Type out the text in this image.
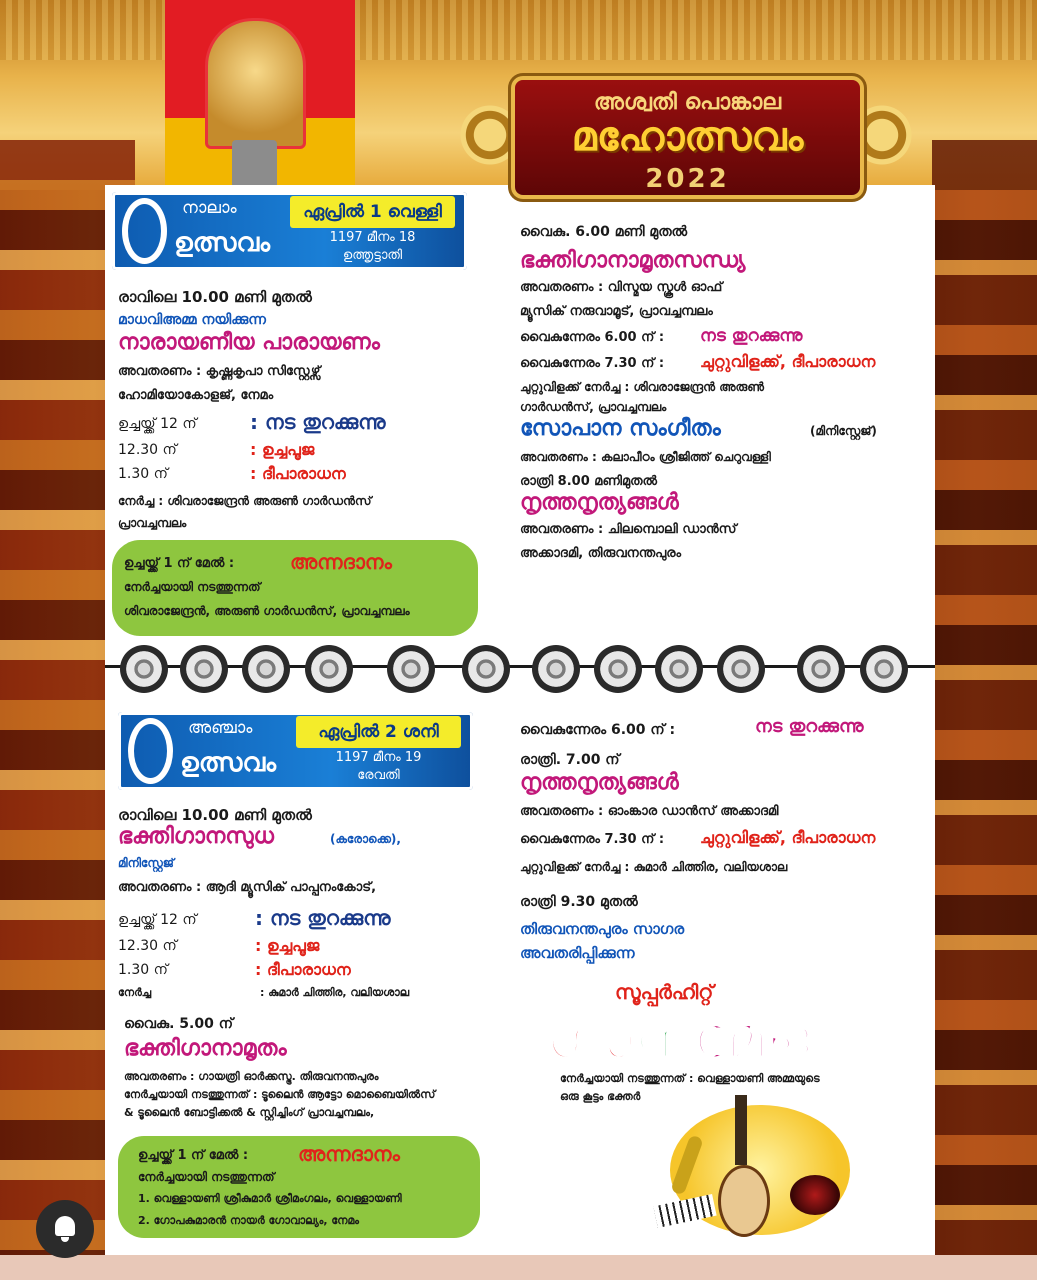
അശ്വതി പൊങ്കാല
മഹോത്സവം
2022
നാലാം
ഉത്സവം
ഏപ്രിൽ 1 വെള്ളി
1197 മീനം 18
ഉത്തൃട്ടാതി
രാവിലെ 10.00 മണി മുതൽ
മാധവിഅമ്മ നയിക്കുന്ന
നാരായണീയ പാരായണം
അവതരണം : കൃഷ്ണകൃപാ സിസ്റ്റേഴ്സ്
ഹോമിയോകോളജ്, നേമം
ഉച്ചയ്ക്ക് 12 ന്	: നട തുറക്കുന്നു
12.30 ന്	: ഉച്ചപൂജ
1.30 ന്	: ദീപാരാധന
നേർച്ച : ശിവരാജേന്ദ്രൻ അരുൺ ഗാർഡൻസ്
പ്രാവച്ചമ്പലം
ഉച്ചയ്ക്ക് 1 ന് മേൽ :	അന്നദാനം
നേർച്ചയായി നടത്തുന്നത്
ശിവരാജേന്ദ്രൻ, അരുൺ ഗാർഡൻസ്, പ്രാവച്ചമ്പലം
വൈകു. 6.00 മണി മുതൽ
ഭക്തിഗാനാമൃതസന്ധ്യ
അവതരണം : വിസ്മയ സ്കൂൾ ഓഫ്
മ്യൂസിക് നരുവാമൂട്, പ്രാവച്ചമ്പലം
വൈകുന്നേരം 6.00 ന് : നട തുറക്കുന്നു
വൈകുന്നേരം 7.30 ന് : ചുറ്റുവിളക്ക്, ദീപാരാധന
ചുറ്റുവിളക്ക് നേർച്ച : ശിവരാജേന്ദ്രൻ അരുൺ
ഗാർഡൻസ്, പ്രാവച്ചമ്പലം
സോപാന സംഗീതം	(മിനിസ്റ്റേജ്)
അവതരണം : കലാപീഠം ശ്രീജിത്ത് ചെറുവള്ളി
രാത്രി 8.00 മണിമുതൽ
നൃത്തനൃത്യങ്ങൾ
അവതരണം : ചിലമ്പൊലി ഡാൻസ്
അക്കാദമി, തിരുവനന്തപുരം
അഞ്ചാം
ഉത്സവം
ഏപ്രിൽ 2 ശനി
1197 മീനം 19
രേവതി
രാവിലെ 10.00 മണി മുതൽ
ഭക്തിഗാനസുധ	(കരോക്കെ),
മിനിസ്റ്റേജ്
അവതരണം : ആദി മ്യൂസിക് പാപ്പനംകോട്,
ഉച്ചയ്ക്ക് 12 ന്	: നട തുറക്കുന്നു
12.30 ന്	: ഉച്ചപൂജ
1.30 ന്	: ദീപാരാധന
നേർച്ച	: കുമാർ ചിത്തിര, വലിയശാല
വൈകു. 5.00 ന്
ഭക്തിഗാനാമൃതം
അവതരണം : ഗായത്രി ഓർക്കസ്ട്ര. തിരുവനന്തപുരം
നേർച്ചയായി നടത്തുന്നത് : ടൂലൈൻ ആട്ടോ മൊബൈയിൽസ്
& ടൂലൈൻ ബോട്ടിക്കൽ & സ്റ്റിച്ചിംഗ് പ്രാവച്ചമ്പലം,
ഉച്ചയ്ക്ക് 1 ന് മേൽ : അന്നദാനം
നേർച്ചയായി നടത്തുന്നത്
1. വെള്ളായണി ശ്രീകുമാർ ശ്രീമംഗലം, വെള്ളായണി
2. ഗോപകുമാരൻ നായർ ഗോവാല്യം, നേമം
വൈകുന്നേരം 6.00 ന് :	നട തുറക്കുന്നു
രാത്രി. 7.00 ന്
നൃത്തനൃത്യങ്ങൾ
അവതരണം : ഓംങ്കാര ഡാൻസ് അക്കാദമി
വൈകുന്നേരം 7.30 ന് : ചുറ്റുവിളക്ക്, ദീപാരാധന
ചുറ്റുവിളക്ക് നേർച്ച : കുമാർ ചിത്തിര, വലിയശാല
രാത്രി 9.30 മുതൽ
തിരുവനന്തപുരം സാഗര
അവതരിപ്പിക്കുന്ന
സൂപ്പർഹിറ്റ്
ഗാനമേള
നേർച്ചയായി നടത്തുന്നത് : വെള്ളായണി അമ്മയുടെ
ഒരു കൂട്ടം ഭക്തർ
